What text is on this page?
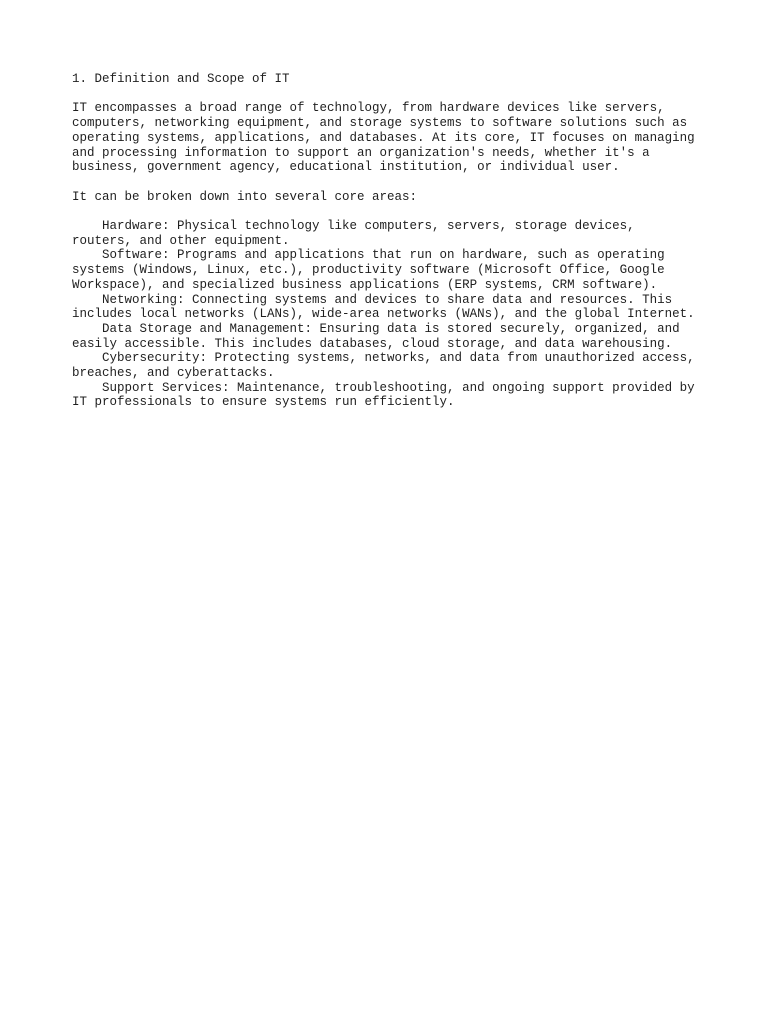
1. Definition and Scope of IT
IT encompasses a broad range of technology, from hardware devices like servers,
computers, networking equipment, and storage systems to software solutions such as
operating systems, applications, and databases. At its core, IT focuses on managing
and processing information to support an organization's needs, whether it's a
business, government agency, educational institution, or individual user.
It can be broken down into several core areas:
Hardware: Physical technology like computers, servers, storage devices,
routers, and other equipment.
Software: Programs and applications that run on hardware, such as operating
systems (Windows, Linux, etc.), productivity software (Microsoft Office, Google
Workspace), and specialized business applications (ERP systems, CRM software).
Networking: Connecting systems and devices to share data and resources. This
includes local networks (LANs), wide-area networks (WANs), and the global Internet.
Data Storage and Management: Ensuring data is stored securely, organized, and
easily accessible. This includes databases, cloud storage, and data warehousing.
Cybersecurity: Protecting systems, networks, and data from unauthorized access,
breaches, and cyberattacks.
Support Services: Maintenance, troubleshooting, and ongoing support provided by
IT professionals to ensure systems run efficiently.
